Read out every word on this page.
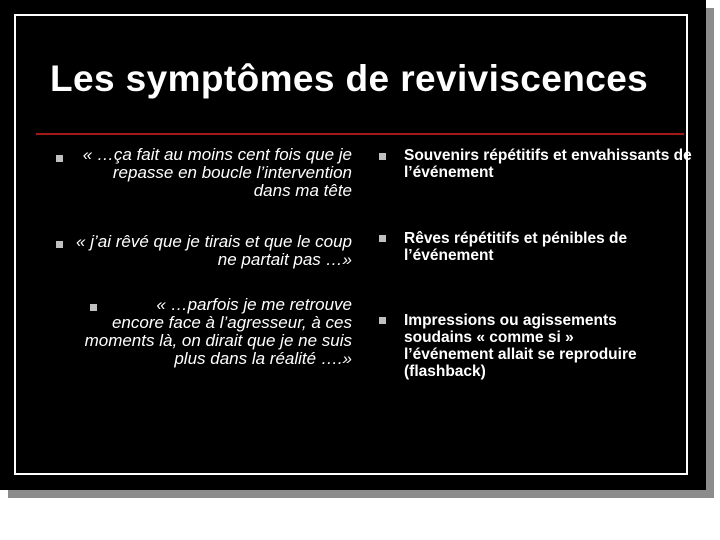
Les symptômes de reviviscences
« …ça fait au moins cent fois que je repasse en boucle l’intervention dans ma tête
« j’ai rêvé que je tirais et que le coup ne partait pas …»
« …parfois je me retrouve encore face à l’agresseur, à ces moments là, on dirait que je ne suis plus dans la réalité ….»
Souvenirs répétitifs et envahissants de l’événement
Rêves répétitifs et pénibles de l’événement
Impressions ou agissements soudains « comme si » l’événement allait se reproduire (flashback)
14
